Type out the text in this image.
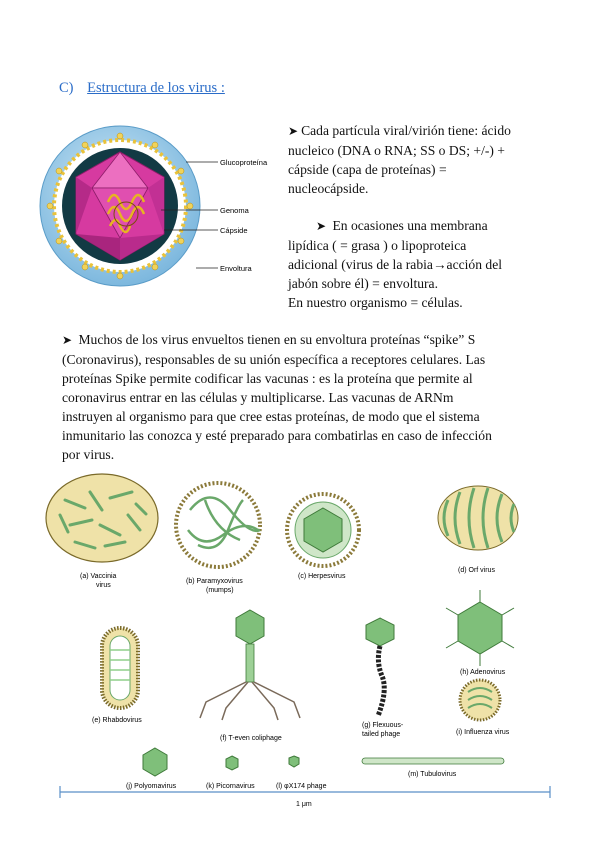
C) Estructura de los virus :
Glucoproteína
Genoma
Cápside
Envoltura
➤ Cada partícula viral/virión tiene: ácido
nucleico (DNA o RNA; SS o DS; +/-) +
cápside (capa de proteínas) =
nucleocápside.
➤ En ocasiones una membrana
lipídica ( = grasa ) o lipoproteica
adicional (virus de la rabia→acción del
jabón sobre él) = envoltura.
En nuestro organismo = células.
➤ Muchos de los virus envueltos tienen en su envoltura proteínas “spike” S
(Coronavirus), responsables de su unión específica a receptores celulares. Las
proteínas Spike permite codificar las vacunas : es la proteína que permite al
coronavirus entrar en las células y multiplicarse. Las vacunas de ARNm
instruyen al organismo para que cree estas proteínas, de modo que el sistema
inmunitario las conozca y esté preparado para combatirlas en caso de infección
por virus.
(a) Vaccinia
virus
(b) Paramyxovirus
(mumps)
(c) Herpesvirus
(d) Orf virus
(e) Rhabdovirus
(f) T-even coliphage
(g) Flexuous-
tailed phage
(h) Adenovirus
(i) Influenza virus
(j) Polyomavirus	(k) Picornavirus	(l) φX174 phage
(m) Tubulovirus
1 μm
